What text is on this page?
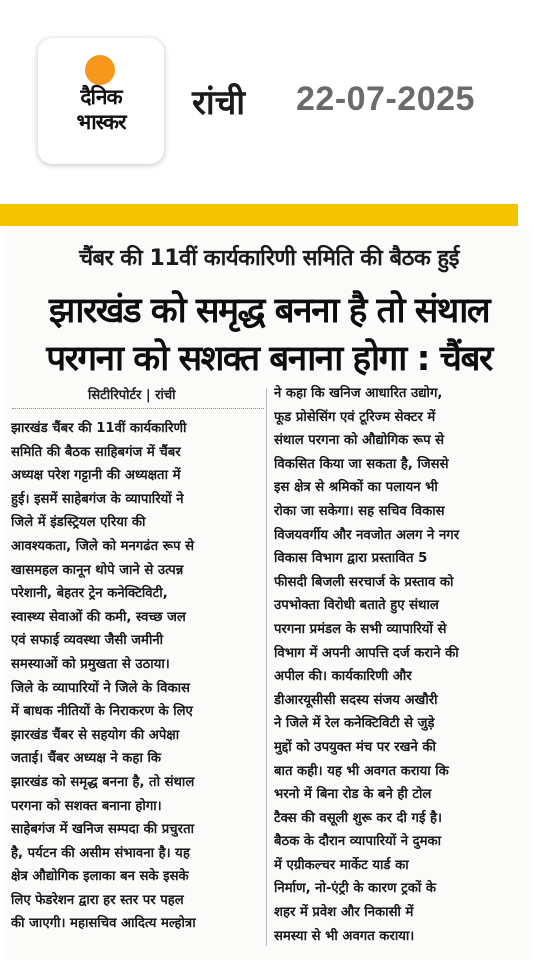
दैनिक
भास्कर	रांची 22-07-2025
चैंबर की 11वीं कार्यकारिणी समिति की बैठक हुई
झारखंड को समृद्ध बनना है तो संथाल
परगना को सशक्त बनाना होगा : चैंबर
सिटीरिपोर्टर | रांची
झारखंड चैंबर की 11वीं कार्यकारिणी
समिति की बैठक साहिबगंज में चैंबर
अध्यक्ष परेश गट्टानी की अध्यक्षता में
हुई। इसमें साहेबगंज के व्यापारियों ने
जिले में इंडस्ट्रियल एरिया की
आवश्यकता, जिले को मनगढंत रूप से
खासमहल कानून थोपे जाने से उत्पन्न
परेशानी, बेहतर ट्रेन कनेक्टिविटी,
स्वास्थ्य सेवाओं की कमी, स्वच्छ जल
एवं सफाई व्यवस्था जैसी जमीनी
समस्याओं को प्रमुखता से उठाया।
जिले के व्यापारियों ने जिले के विकास
में बाधक नीतियों के निराकरण के लिए
झारखंड चैंबर से सहयोग की अपेक्षा
जताई। चैंबर अध्यक्ष ने कहा कि
झारखंड को समृद्ध बनना है, तो संथाल
परगना को सशक्त बनाना होगा।
साहेबगंज में खनिज सम्पदा की प्रचुरता
है, पर्यटन की असीम संभावना है। यह
क्षेत्र औद्योगिक इलाका बन सके इसके
लिए फेडरेशन द्वारा हर स्तर पर पहल
की जाएगी। महासचिव आदित्य मल्होत्रा
ने कहा कि खनिज आधारित उद्योग,
फूड प्रोसेसिंग एवं टूरिज्म सेक्टर में
संथाल परगना को औद्योगिक रूप से
विकसित किया जा सकता है, जिससे
इस क्षेत्र से श्रमिकों का पलायन भी
रोका जा सकेगा। सह सचिव विकास
विजयवर्गीय और नवजोत अलग ने नगर
विकास विभाग द्वारा प्रस्तावित 5
फीसदी बिजली सरचार्ज के प्रस्ताव को
उपभोक्ता विरोधी बताते हुए संथाल
परगना प्रमंडल के सभी व्यापारियों से
विभाग में अपनी आपत्ति दर्ज कराने की
अपील की। कार्यकारिणी और
डीआरयूसीसी सदस्य संजय अखौरी
ने जिले में रेल कनेक्टिविटी से जुड़े
मुद्दों को उपयुक्त मंच पर रखने की
बात कही। यह भी अवगत कराया कि
भरनो में बिना रोड के बने ही टोल
टैक्स की वसूली शुरू कर दी गई है।
बैठक के दौरान व्यापारियों ने दुमका
में एग्रीकल्चर मार्केट यार्ड का
निर्माण, नो-एंट्री के कारण ट्रकों के
शहर में प्रवेश और निकासी में
समस्या से भी अवगत कराया।
